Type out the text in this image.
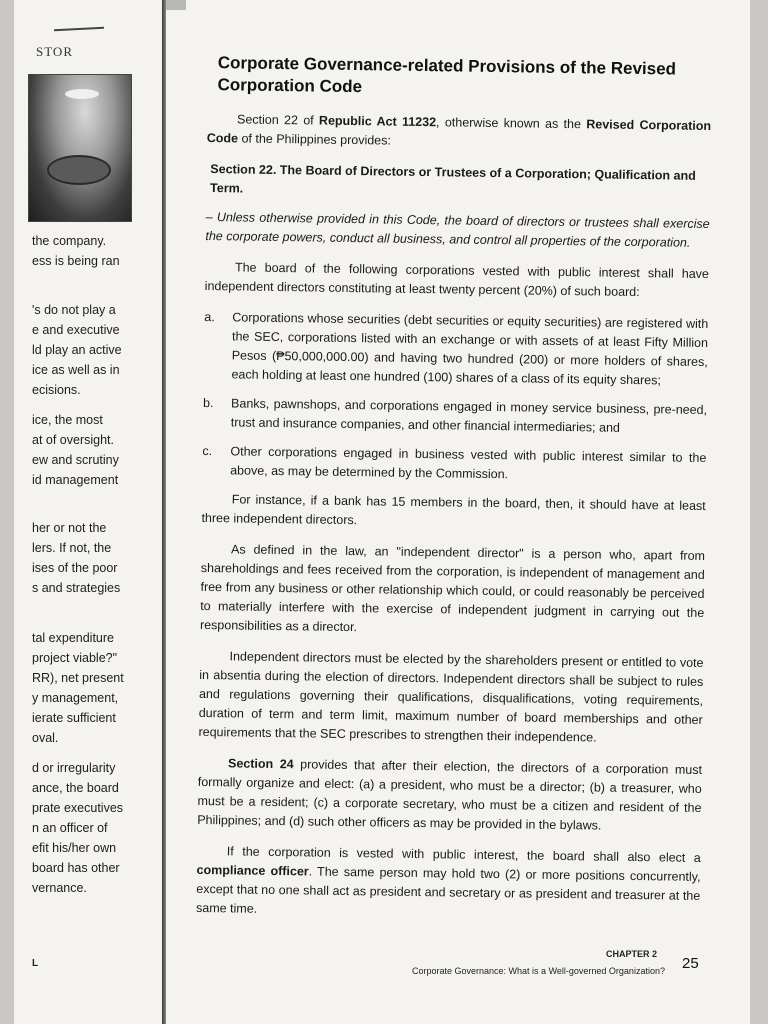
STOR
the company.
ess is being ran
's do not play a
e and executive
ld play an active
ice as well as in
ecisions.
ice, the most
at of oversight.
ew and scrutiny
id management
her or not the
lers. If not, the
ises of the poor
s and strategies
tal expenditure
project viable?"
RR), net present
y management,
ierate sufficient
oval.
d or irregularity
ance, the board
prate executives
n an officer of
efit his/her own
board has other
vernance.
L
Corporate Governance-related Provisions of the Revised Corporation Code
Section 22 of Republic Act 11232, otherwise known as the Revised Corporation Code of the Philippines provides:
Section 22. The Board of Directors or Trustees of a Corporation; Qualification and Term.
– Unless otherwise provided in this Code, the board of directors or trustees shall exercise the corporate powers, conduct all business, and control all properties of the corporation.
The board of the following corporations vested with public interest shall have independent directors constituting at least twenty percent (20%) of such board:
a.	Corporations whose securities (debt securities or equity securities) are registered with the SEC, corporations listed with an exchange or with assets of at least Fifty Million Pesos (₱50,000,000.00) and having two hundred (200) or more holders of shares, each holding at least one hundred (100) shares of a class of its equity shares;
b.	Banks, pawnshops, and corporations engaged in money service business, pre-need, trust and insurance companies, and other financial intermediaries; and
c.	Other corporations engaged in business vested with public interest similar to the above, as may be determined by the Commission.
For instance, if a bank has 15 members in the board, then, it should have at least three independent directors.
As defined in the law, an "independent director" is a person who, apart from shareholdings and fees received from the corporation, is independent of management and free from any business or other relationship which could, or could reasonably be perceived to materially interfere with the exercise of independent judgment in carrying out the responsibilities as a director.
Independent directors must be elected by the shareholders present or entitled to vote in absentia during the election of directors. Independent directors shall be subject to rules and regulations governing their qualifications, disqualifications, voting requirements, duration of term and term limit, maximum number of board memberships and other requirements that the SEC prescribes to strengthen their independence.
Section 24 provides that after their election, the directors of a corporation must formally organize and elect: (a) a president, who must be a director; (b) a treasurer, who must be a resident; (c) a corporate secretary, who must be a citizen and resident of the Philippines; and (d) such other officers as may be provided in the bylaws.
If the corporation is vested with public interest, the board shall also elect a compliance officer. The same person may hold two (2) or more positions concurrently, except that no one shall act as president and secretary or as president and treasurer at the same time.
CHAPTER 2
Corporate Governance: What is a Well-governed Organization? 25
